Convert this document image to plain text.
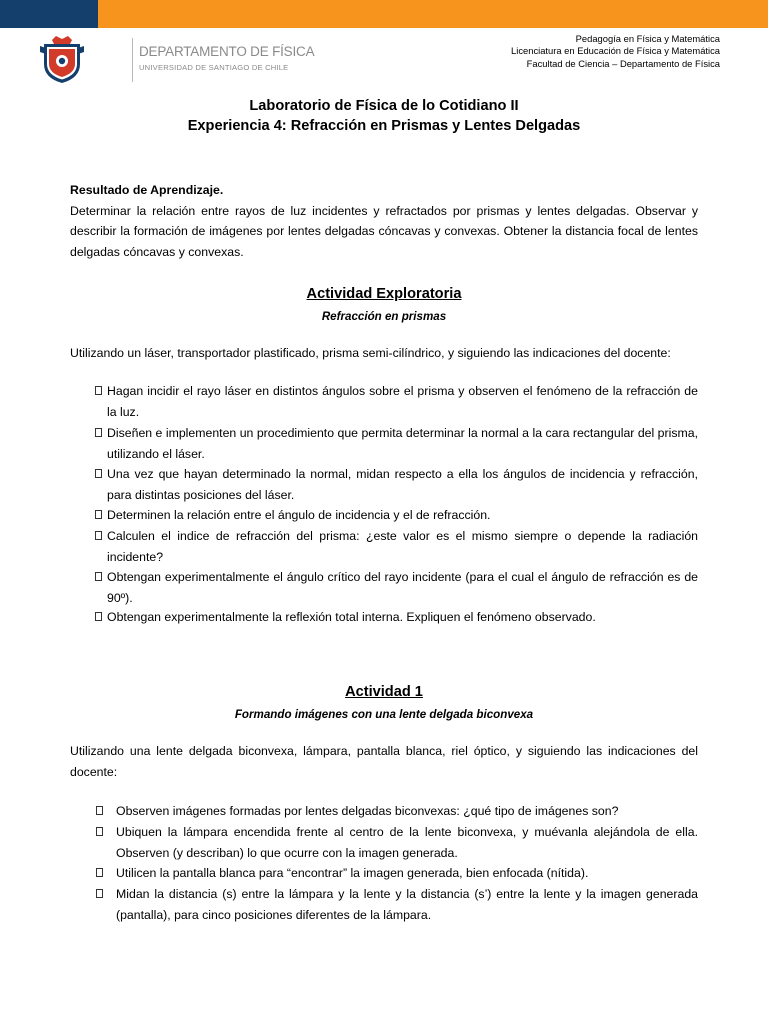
DEPARTAMENTO DE FÍSICA
UNIVERSIDAD DE SANTIAGO DE CHILE
Pedagogía en Física y Matemática
Licenciatura en Educación de Física y Matemática
Facultad de Ciencia – Departamento de Física
Laboratorio de Física de lo Cotidiano II
Experiencia 4: Refracción en Prismas y Lentes Delgadas

Resultado de Aprendizaje.

Determinar la relación entre rayos de luz incidentes y refractados por prismas y lentes delgadas. Observar y describir la formación de imágenes por lentes delgadas cóncavas y convexas. Obtener la distancia focal de lentes delgadas cóncavas y convexas.

Actividad Exploratoria
Refracción en prismas

Utilizando un láser, transportador plastificado, prisma semi-cilíndrico, y siguiendo las indicaciones del docente:

Hagan incidir el rayo láser en distintos ángulos sobre el prisma y observen el fenómeno de la refracción de la luz.
Diseñen e implementen un procedimiento que permita determinar la normal a la cara rectangular del prisma, utilizando el láser.
Una vez que hayan determinado la normal, midan respecto a ella los ángulos de incidencia y refracción, para distintas posiciones del láser.
Determinen la relación entre el ángulo de incidencia y el de refracción.
Calculen el indice de refracción del prisma: ¿este valor es el mismo siempre o depende la radiación incidente?
Obtengan experimentalmente el ángulo crítico del rayo incidente (para el cual el ángulo de refracción es de 90º).
Obtengan experimentalmente la reflexión total interna. Expliquen el fenómeno observado.
Actividad 1
Formando imágenes con una lente delgada biconvexa

Utilizando una lente delgada biconvexa, lámpara, pantalla blanca, riel óptico, y siguiendo las indicaciones del docente:

Observen imágenes formadas por lentes delgadas biconvexas: ¿qué tipo de imágenes son?
Ubiquen la lámpara encendida frente al centro de la lente biconvexa, y muévanla alejándola de ella. Observen (y describan) lo que ocurre con la imagen generada.
Utilicen la pantalla blanca para “encontrar” la imagen generada, bien enfocada (nítida).
Midan la distancia (s) entre la lámpara y la lente y la distancia (s’) entre la lente y la imagen generada (pantalla), para cinco posiciones diferentes de la lámpara.
